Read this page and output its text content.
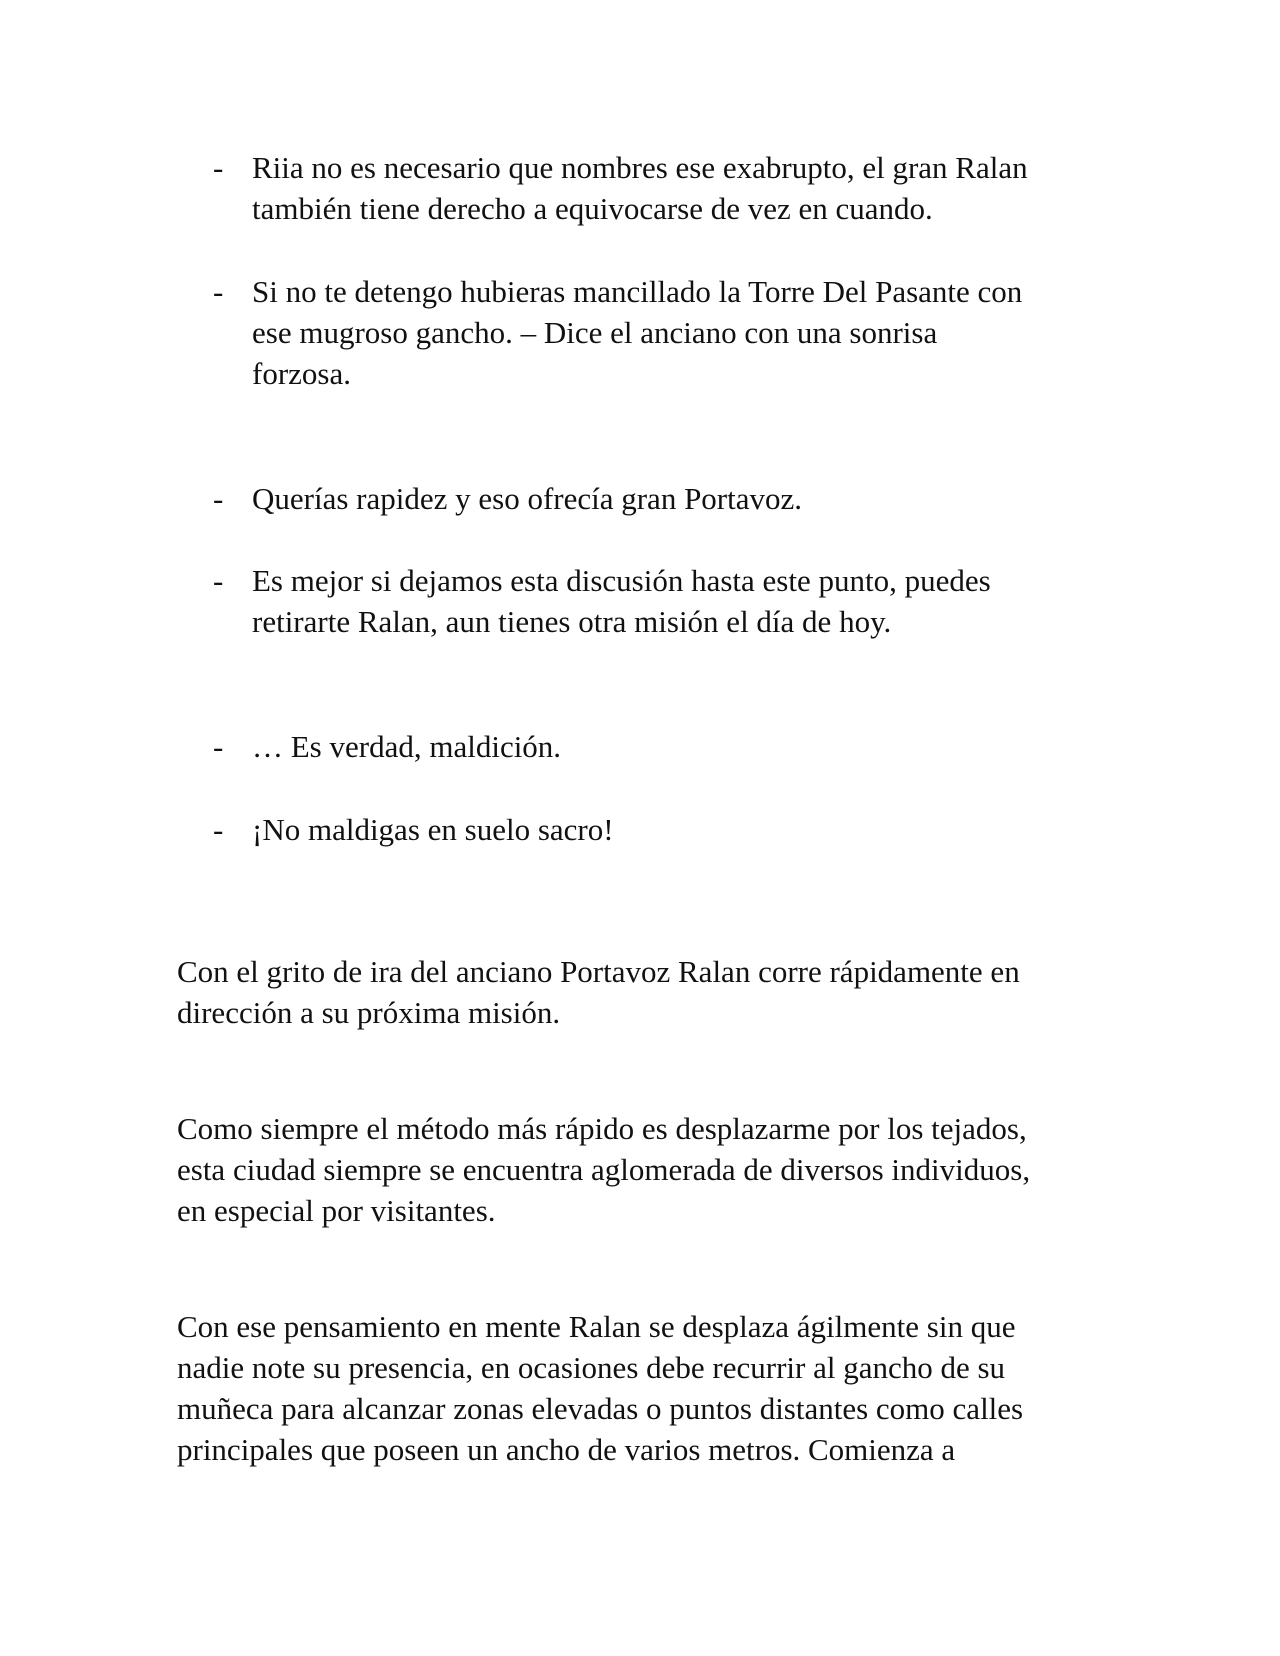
- Riia no es necesario que nombres ese exabrupto, el gran Ralan
también tiene derecho a equivocarse de vez en cuando.
- Si no te detengo hubieras mancillado la Torre Del Pasante con
ese mugroso gancho. – Dice el anciano con una sonrisa
forzosa.
- Querías rapidez y eso ofrecía gran Portavoz.
- Es mejor si dejamos esta discusión hasta este punto, puedes
retirarte Ralan, aun tienes otra misión el día de hoy.
- … Es verdad, maldición.
- ¡No maldigas en suelo sacro!
Con el grito de ira del anciano Portavoz Ralan corre rápidamente en
dirección a su próxima misión.
Como siempre el método más rápido es desplazarme por los tejados,
esta ciudad siempre se encuentra aglomerada de diversos individuos,
en especial por visitantes.
Con ese pensamiento en mente Ralan se desplaza ágilmente sin que
nadie note su presencia, en ocasiones debe recurrir al gancho de su
muñeca para alcanzar zonas elevadas o puntos distantes como calles
principales que poseen un ancho de varios metros. Comienza a
